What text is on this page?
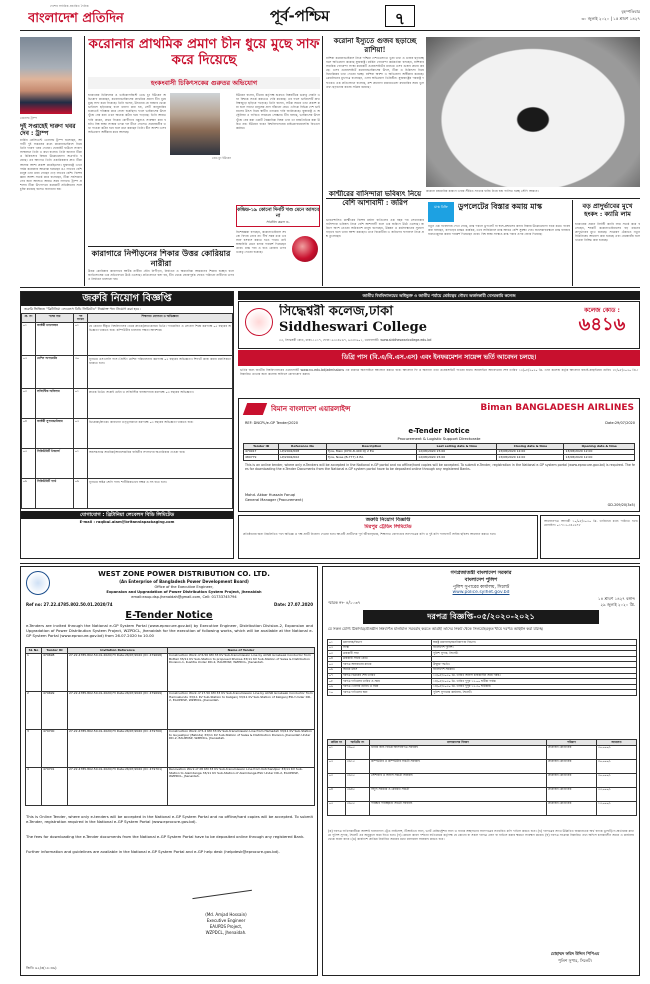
দেশের সর্বাধিক প্রচারিত দৈনিক
বাংলাদেশ প্রতিদিন	পূর্ব-পশ্চিম	৭	বৃহস্পতিবার
৩০ জুলাই ২০২০ | ১৫ শ্রাবণ ১৪২৭
ডোনাল্ড ট্রাম্প
দুই সপ্তাহেই দারুণ খবর দেব : ট্রাম্প
মার্কিন প্রেসিডেন্ট ডোনাল্ড ট্রাম্প বলেছেন, আগামী দুই সপ্তাহের মধ্যে করোনাভাইরাস নিয়ে তিনি দারুণ খবর দেবেন। হোয়াইট হাউসে সংবাদ সম্মেলনে তিনি এ কথা বলেন। তিনি জানান টিকা ও চিকিৎসার বিষয়ে উল্লেখযোগ্য অগ্রগতি হয়েছে। এর আগেও তিনি একাধিকবার দ্রুত টিকা আসার আশা প্রকাশ করেছিলেন। যুক্তরাষ্ট্রে এখন পর্যন্ত করোনায় আক্রান্ত হয়েছেন ৪৩ লাখের বেশি মানুষ এবং মারা গেছেন দেড় লাখের বেশি। বিশেষজ্ঞরা অবশ্য সতর্ক করে বলেছেন, টিকা সর্বসাধারণের জন্য আসতে আরও সময় লাগবে। ট্রাম্প প্রশাসন টিকা উৎপাদনে কয়েকটি প্রতিষ্ঠানের সঙ্গে চুক্তি করেছে বলেও জানানো হয়।
করোনার প্রাথমিক প্রমাণ চীন ধুয়ে মুছে সাফ করে দিয়েছে
হংকংবাসী চিকিৎসকের গুরুতর অভিযোগ
হংকংয়ের চিকিৎসক ও ভাইরোলজিস্ট ডেভ চুং ইউয়েন অভিযোগ করেছেন, করোনাভাইরাসের প্রাথমিক প্রমাণ চীন ধুয়ে মুছে সাফ করে দিয়েছে। তিনি বলেন, উহানের যে বাজার থেকে ভাইরাস ছড়িয়েছে বলে ধারণা করা হয়, সেটি জানুয়ারির শুরুতেই পরিষ্কার করে ফেলা হয়েছিল। ফলে ভাইরাসের উৎস খুঁজে বের করা এখন অনেক কঠিন হয়ে পড়েছে। তিনি আরও দাবি করেন, প্রথম দিকের রোগীদের নমুনাও সংরক্ষণ করা হয়নি। বিশ্ব স্বাস্থ্য সংস্থার তদন্ত দল চীনে গেলেও প্রয়োজনীয় তথ্য পাওয়া কঠিন হবে বলে মনে করছেন তিনি। চীন অবশ্য এসব অভিযোগ অস্বীকার করে আসছে।
ডেভ চুং ইউয়েন
ইউয়েন বলেন, চীনের কর্তৃপক্ষ শুরুতে বিষয়টিকে গুরুত্ব দেয়নি এবং বিশ্বকে সতর্ক করতেও দেরি করেছে। এর ফলে ভাইরাসটি দ্রুত বিশ্বজুড়ে ছড়িয়ে পড়েছে। তিনি বলেন, সঠিক সময়ে তথ্য প্রকাশ করা হলে লাখো মানুষের প্রাণ বাঁচানো যেত। এদিকে বিভিন্ন দেশ ভাইরাসের উৎস নিয়ে স্বাধীন তদন্তের দাবি জানিয়েছে। যুক্তরাষ্ট্র ও অস্ট্রেলিয়া এ দাবিতে সবচেয়ে সোচ্চার। চীন বলছে, ভাইরাসের উৎস খুঁজে বের করা একটি বৈজ্ঞানিক বিষয় এবং তা রাজনৈতিক করা উচিত নয়। ইউয়েন হংকং বিশ্ববিদ্যালয়ের মাইক্রোবায়োলজি বিভাগে কর্মরত।
কভিড-১৯ কোনো দিনটি খণ্ড মেনে আসবে না
সাবধান করল ড.
কারাগারে নিপীড়নের শিকার উত্তর কোরিয়ার নারীরা
উত্তর কোরিয়ার কারাগারে আটক নারীরা যৌন নিপীড়ন, নির্যাতন ও অমানবিক আচরণের শিকার হচ্ছেন বলে জাতিসংঘের এক প্রতিবেদনে উঠে এসেছে। প্রতিবেদনে বলা হয়, চীন থেকে জোরপূর্বক ফেরত পাঠানো নারীদের ওপর এ নির্যাতন চালানো হয়।
বিশেষজ্ঞরা বলছেন, করোনাভাইরাস সহজে বিদায় নেবে না। দীর্ঘ সময় ধরে এর সঙ্গে বসবাস করতে হতে পারে। তাই স্বাস্থ্যবিধি মেনে চলার পরামর্শ দিয়েছেন তারা। মাস্ক পরা ও হাত ধোয়ার ওপর গুরুত্ব দেওয়া হয়েছে।
করোনা ইস্যুতে গুজব ছড়াচ্ছে রাশিয়া!
রাশিয়া করোনাভাইরাস নিয়ে পশ্চিমা দেশগুলোতে ভুয়া তথ্য ও গুজব ছড়াচ্ছে বলে অভিযোগ করেছে যুক্তরাষ্ট্র। মার্কিন গোয়েন্দা কর্মকর্তারা বলছেন, রাশিয়ার সামরিক গোয়েন্দা সংস্থা কয়েকটি ওয়েবসাইটের মাধ্যমে এসব গুজব প্রচার করছে। এসব ওয়েবসাইটে করোনাভাইরাসের উৎস, টিকা ও চিকিৎসা নিয়ে বিভ্রান্তিকর তথ্য দেওয়া হচ্ছে। রাশিয়া অবশ্য এ অভিযোগ অস্বীকার করেছে। ক্রেমলিনের মুখপাত্র বলেছেন, এসব অভিযোগ ভিত্তিহীন। যুক্তরাষ্ট্রের পররাষ্ট্র দফতরও এক প্রতিবেদনে বলেছে, রুশ প্রচারণা মাধ্যমগুলো মহামারির সময় ভুল তথ্য ছড়ানোর কাজে সক্রিয় রয়েছে।
করোনা মহামারির কারণে এবার সীমিত সংখ্যক হাজি নিয়ে হজ পালিত হচ্ছে সৌদি আরবে।
কাশ্মীরের বাসিন্দারা ভবিষ্যৎ নিয়ে বেশি আশাবাদী : জরিপ
ভারতশাসিত কাশ্মীরের বিশেষ মর্যাদা বাতিলের এক বছর পর সেখানকার বাসিন্দারা ভবিষ্যৎ নিয়ে বেশি আশাবাদী বলে এক জরিপে উঠে এসেছে। জরিপে অংশ নেওয়া অধিকাংশ মানুষ বলেছেন, উন্নয়ন ও কর্মসংস্থানের সুযোগ বাড়বে বলে তারা আশা করছেন। তবে বিরোধীরা এ জরিপের ফলাফল নিয়ে প্রশ্ন তুলেছেন।
মাস্ক বিক্রি	ডুপলেটের বিস্তার কমায় মাস্ক
নতুন এক গবেষণায় দেখা গেছে, মাস্ক পরলে ড্রপলেট বা শ্বাস-প্রশ্বাসের কণার বিস্তার উল্লেখযোগ্য হারে কমে। গবেষকরা বলছেন, কাপড়ের মাস্কও কার্যকর, তবে সার্জিক্যাল মাস্ক আরও বেশি সুরক্ষা দেয়। জনসমাগমস্থলে মাস্ক ব্যবহার বাধ্যতামূলক করার পরামর্শ দিয়েছেন তারা। বিশ্ব স্বাস্থ্য সংস্থাও মাস্ক পরার ওপর জোর দিয়েছে।
বড় প্রাদুর্ভাবের মুখে হংকং : ক্যারি লাম
হংকংয়ের প্রধান নির্বাহী ক্যারি লাম সতর্ক করে বলেছেন, শহরটি করোনাভাইরাসের বড় ধরনের প্রাদুর্ভাবের মুখে রয়েছে। সংক্রমণ ঠেকাতে নতুন বিধিনিষেধ আরোপ করা হয়েছে এবং রেস্তোরাঁয় বসে খাওয়া নিষিদ্ধ করা হয়েছে।
জরুরি নিয়োগ বিজ্ঞপ্তি
জরুরি ভিত্তিতে "ব্রিটানিয়া লেবেলস বিডি লিমিটেড" নিম্নোক্ত পদে নিয়োগ করা হবে :
ক্র. নং	পদের নাম	পদ সংখ্যা	শিক্ষাগত যোগ্যতা ও অভিজ্ঞতা
০১	ফ্যাক্টরী ম্যানেজার	০১	যে কোনো স্বীকৃত বিশ্ববিদ্যালয় থেকে স্নাতক/স্নাতকোত্তর ডিগ্রি। প্যাকেজিং ও লেবেল শিল্পে কমপক্ষে ০৫ বছরের অভিজ্ঞতা থাকতে হবে। কম্পিউটার চালনায় দক্ষতা আবশ্যক।
০২	মেশিন অপারেটর	২০	ন্যূনতম এসএসসি পাস। প্রিন্টিং মেশিন পরিচালনায় কমপক্ষে ০২ বছরের অভিজ্ঞতা। শিফটে কাজ করার মানসিকতা থাকতে হবে।
০৩	লজিস্টিক অফিসার	০১	স্নাতক ডিগ্রি। সাপ্লাই চেইন ও লজিস্টিক ব্যবস্থাপনায় কমপক্ষে ০৩ বছরের অভিজ্ঞতা।
০৪	ফ্যাক্টরী সুপারভাইজার	০২	ডিপ্লোমা/স্নাতক। কারখানা তত্ত্বাবধানে কমপক্ষে ০৩ বছরের অভিজ্ঞতা থাকতে হবে।
০৫	সিকিউরিটি ইনচার্জ	০১	অবসরপ্রাপ্ত সামরিক/আধাসামরিক বাহিনীর সদস্যদের অগ্রাধিকার দেওয়া হবে।
০৬	সিকিউরিটি গার্ড	০৬	ন্যূনতম অষ্টম শ্রেণি পাস। শারীরিকভাবে সক্ষম ও সৎ হতে হবে।
যোগাযোগ : ব্রিটানিয়া লেবেলস বিডি লিমিটেড
E-mail : raqibul.alam@britanniapackaging.com
জাতীয় বিশ্ববিদ্যালয়ের অধিভুক্ত ও জাতীয় পর্যায়ে শ্রেষ্ঠত্বের গৌরব অর্জনকারী বেসরকারি কলেজ
সিদ্ধেশ্বরী কলেজ,ঢাকা
Siddheswari College
কলেজ কোড :
৬৪১৬
৩৩, সিদ্ধেশ্বরী রোড, ঢাকা-১২১৭, ফোন: ৯৩৩৪৫৬৭, ৯৩৩৮৯০১, ওয়েবসাইট: www.siddheswaricollege.edu.bd
ডিগ্রি পাস (বি.এ/বি.এস.এস) এবং ইনফরমেশন সায়েন্স ভর্তি আবেদন চলছে।
ভর্তির জন্য জাতীয় বিশ্ববিদ্যালয়ের ওয়েবসাইট www.nu.edu.bd/admissions এর মাধ্যমে অনলাইনে আবেদন করতে হবে। আবেদন ফি ও অন্যান্য তথ্য ওয়েবসাইটে পাওয়া যাবে। অনলাইনে আবেদনের শেষ তারিখ ১৩/০৮/২০২০ খ্রি. এবং কলেজ কর্তৃক আবেদন যাচাই-বাছাইয়ের তারিখ ১৮/০৮/২০২০ খ্রি.। বিস্তারিত তথ্যের জন্য কলেজ অফিসে যোগাযোগ করুন।
বিমান বাংলাদেশ এয়ারলাইন্স	Biman BANGLADESH AIRLINES
REF: DNCPL/e-GP Tender/2020	Date:29/07/2020
e-Tender Notice
Procurement & Logistic Support Directorate
Tender ID	Reference No	Description	Last selling date & time	Closing date & time	Opening date & time
479917	LP/2002/008	Tyre, Main (DHC-8-400 Q) 2 EA	12/08/2020 15:00	13/08/2020 12:00	13/08/2020 12:00
480779	LP/2002/002	Tyre, Nose (B-777) 4 EA	12/08/2020 15:00	13/08/2020 12:00	13/08/2020 12:00
This is an online tender, where only e-Tenders will be accepted in the National e-GP portal and no offline/hard copies will be accepted. To submit e-Tender, registration in the National e-GP system portal (www.eprocure.gov.bd) is required. The fees for downloading the e-Tender Documents from the National e-GP system portal have to be deposited online through any registered Banks.
Mohd. Akbar Hussain Faruqi
General Manager (Procurement)
GD-209/20(3x5)
জরুরি নিয়োগ বিজ্ঞপ্তি
মিরপুর ট্রেডিং লিমিটেড
প্রতিষ্ঠানের জন্য নিম্নলিখিত পদে অভিজ্ঞ ও দক্ষ প্রার্থী নিয়োগ দেওয়া হবে। আগ্রহী প্রার্থীদের পূর্ণ জীবনবৃত্তান্ত, শিক্ষাগত যোগ্যতার সনদপত্রের কপি ও দুই কপি পাসপোর্ট সাইজ ছবিসহ আবেদন করতে হবে।
আবেদনপত্র আগামী ১০/০৮/২০২০ খ্রি. তারিখের মধ্যে পাঠাতে হবে। মোবাইল: ০১৭১২-৩৪৫৬৭৮
WEST ZONE POWER DISTRIBUTION CO. LTD.
(An Enterprise of Bangladesh Power Development Board)
Office of the Executive Engineer,
Expansion and Upgradation of Power Distribution System Project, Jhenaidah
email:eaup.dsp.jhenaidah@gmail.com, Cell: 01733745794
Ref no: 27.22.4785.802.50.01.2020/74	Date: 27.07.2020
E-Tender Notice
e-Tenders are invited through the National e-GP System Portal (www.eprocure.gov.bd) by Executive Engineer, Distribution Division-2, Expansion and Upgradation of Power Distribution System Project, WZPDCL, Jhenaidah for the execution of following works, which will be available at the National e-GP System Portal (www.eprocure.gov.bd) from 26.07.2020 to 10.00
SL No	Tender ID	Invitation Reference	Name of Tender
1	479698	27.22.4785.802.50.01.2020/73 Date:26/07/2020 (ID: 479698)	Construction Work of 6.50 KM 33 KV Sub-transmission Line by ACSR Grosbeak Conductor from Bottail 33/11 KV Sub-Station to proposed Khoksa 33/11 KV Sub-Station of Sales & Distribution Division-1, Kushtia Under DD-2, EAUPDSP, WZPDCL, Jhenaidah.
2	479699	27.22.4785.802.50.01.2020/73 Date:26/07/2020 (ID: 479699)	Construction Work of 17.50 KM 33 KV Sub-transmission Line by ACSR Grosbeak Conductor from Harinakundu 33/11 KV Sub-Station to Kaliganj 33/11 KV Sub-Station of Kaliganj ESU Under DD-2, EAUPDSP, WZPDCL, Jhenaidah.
3	479700	27.22.4785.802.50.01.2020/73 Date:26/07/2020 (ID: 479700)	Construction Work of 5.2 KM 33 KV Sub-transmission Line from Hamadah 33/11 KV Sub-Station to Guyeshpur (Batoda) 33/11 KV Sub-Station of Sales & Distribution Division, Jhenaidah Under DD-2, EAUPDSP, WZPDCL, Jhenaidah.
4	479701	27.22.4785.802.50.01.2020/73 Date:26/07/2020 (ID: 479701)	Renovation Work of 28 KM 33 KV Sub-transmission Line from Kotchandpur 33/11 KV Sub-Station to Alamdanga 33/11 KV Sub-Station of Alamdanga ESU Under DD-2, EAUPDSP, WZPDCL, Jhenaidah.
This is Online Tender, where only e-tenders will be accepted in the National e-GP System Portal and no offline/hard copies will be accepted. To submit e-Tender, registration required in the National e-GP System Portal (www.eprocure.gov.bd).
The fees for downloading the e-Tender documents from the National e-GP System Portal have to be deposited online through any registered Bank.
Further information and guidelines are available in the National e-GP System Portal and e-GP help desk (helpdesk@eprocure.gov.bd).
(Md. Amjad Hossain)
Executive Engineer
EAUPDS Project,
WZPDCL, Jhenaidah.
জিডি ৬২/৩(১৮.৩৬)
গণপ্রজাতন্ত্রী বাংলাদেশ সরকার
বাংলাদেশ পুলিশ
পুলিশ সুপারের কার্যালয়, সিলেট
www.police.sylhet.gov.bd
স্মারক নং- ৪/১০৩৭
১৪ শ্রাবণ ১৪২৭ বঙ্গাব্দ
২৯ জুলাই ২০২০ খ্রি.
দরপত্র বিজ্ঞপ্তি-০৫/২০২০-২০২১
যে সকল যোগ্য ঠিকাদার/প্রতিষ্ঠান নিম্নবর্ণিত মালামাল সরবরাহ করতে আগ্রহী তাদের নিকট থেকে সিলমোহরকৃত খামে দরপত্র আহ্বান করা যাচ্ছে।
০১	মন্ত্রণালয়/বিভাগ	স্বরাষ্ট্র মন্ত্রণালয়/জননিরাপত্তা বিভাগ।
০২	সংস্থা	বাংলাদেশ পুলিশ।
০৩	ক্রয়কারী সত্তা	পুলিশ সুপার, সিলেট।
০৪	ক্রয়কারী সত্তার কোড	
০৫	দরপত্র আহবানের মাধ্যম	উন্মুক্ত পদ্ধতি।
০৬	অর্থের উৎস	বাংলাদেশ সরকার।
০৭	দরপত্র বিক্রয়ের শেষ তারিখ	১৩/০৮/২০২০ খ্রি. তারিখ অফিস চলাকালীন সময় পর্যন্ত।
০৮	দরপত্র দাখিলের তারিখ ও সময়	১৪/০৮/২০২০ খ্রি. তারিখ দুপুর ১২.০০ ঘটিকা পর্যন্ত।
০৯	দরপত্র খোলার তারিখ ও সময়	১৪/০৮/২০২০ খ্রি. তারিখ দুপুর ১২.৩০ ঘটিকায়।
১০	দরপত্র দাখিলের স্থান	পুলিশ সুপারের কার্যালয়, সিলেট।
ক্রমিক নং	আইটেম নং	মালামালের বিবরণ	পরিমাণ	জামানত
০১	৩৬০৫	থানার জন্য বিভিন্ন আসবাবপত্র সরবরাহ	প্রয়োজন মোতাবেক	৫০,০০০/-
০২	৩৬১৫	কম্পিউটার ও কম্পিউটার সামগ্রী সরবরাহ	প্রয়োজন মোতাবেক	৩০,০০০/-
০৩	৩৬৩৫	স্টেশনারি ও অফিস সামগ্রী সরবরাহ	প্রয়োজন মোতাবেক	২০,০০০/-
০৪	৩৬৪৫	বিদ্যুৎ সরঞ্জাম ও মেরামত সামগ্রী	প্রয়োজন মোতাবেক	২৫,০০০/-
০৫	৩৬৫৫	পরিষ্কার পরিচ্ছন্নতা সামগ্রী সরবরাহ	প্রয়োজন মোতাবেক	১৫,০০০/-
(ক) দরপত্র দাখিলকারীকে অবশ্যই হালনাগাদ ট্রেড লাইসেন্স, টিআইএন সনদ, ভ্যাট রেজিস্ট্রেশন সনদ ও ব্যাংক সচ্ছলতার সনদপত্রের সত্যায়িত কপি দাখিল করতে হবে। (খ) দরপত্রের সাথে উল্লিখিত জামানতের অর্থ ব্যাংক ড্রাফট/পে-অর্ডারের মাধ্যমে পুলিশ সুপার, সিলেট এর অনুকূলে জমা দিতে হবে। (গ) কোনো কারণ দর্শানো ব্যতিরেকে কর্তৃপক্ষ যে কোনো বা সকল দরপত্র গ্রহণ বা বাতিল করার ক্ষমতা সংরক্ষণ করেন। (ঘ) দরপত্র সংক্রান্ত বিস্তারিত তথ্য অফিস চলাকালীন সময়ে এ কার্যালয় থেকে জানা যাবে। (ঙ) কার্যাদেশ প্রাপ্তির নির্ধারিত সময়ের মধ্যে মালামাল সরবরাহ করতে হবে।
মোহাম্মদ ফরিদ উদ্দিন পিপিএম
পুলিশ সুপার, সিলেট।
